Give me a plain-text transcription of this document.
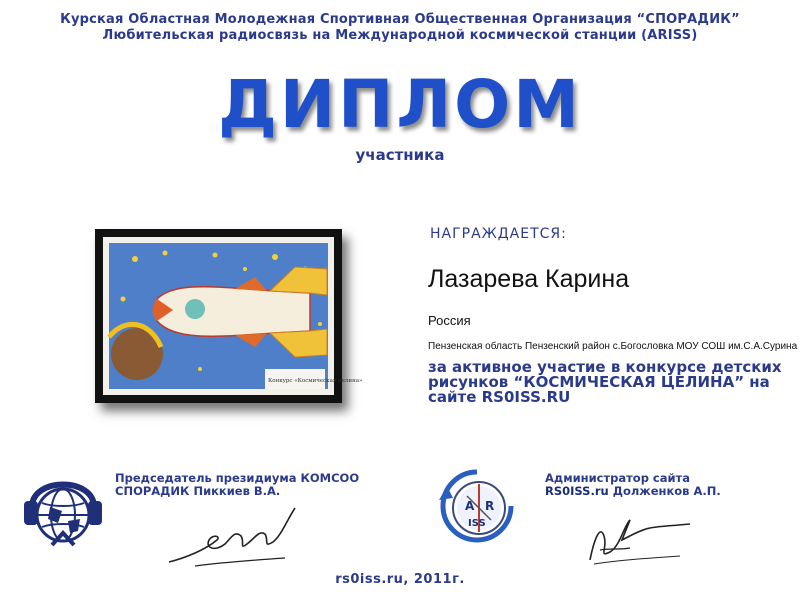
Курская Областная Молодежная Спортивная Общественная Организация “СПОРАДИК”
Любительская радиосвязь на Международной космической станции (ARISS)
ДИПЛОМ
участника
Конкурс «Космическая целина»
НАГРАЖДАЕТСЯ:
Лазарева Карина
Россия
Пензенская область Пензенский район с.Богословка МОУ СОШ им.С.А.Сурина
за активное участие в конкурсе детских рисунков “КОСМИЧЕСКАЯ ЦЕЛИНА” на сайте RS0ISS.RU
Председатель президиума КОМСОО
СПОРАДИК Пиккиев В.А.
A R
ISS
Администратор сайта
RS0ISS.ru Долженков А.П.
rs0iss.ru, 2011г.
